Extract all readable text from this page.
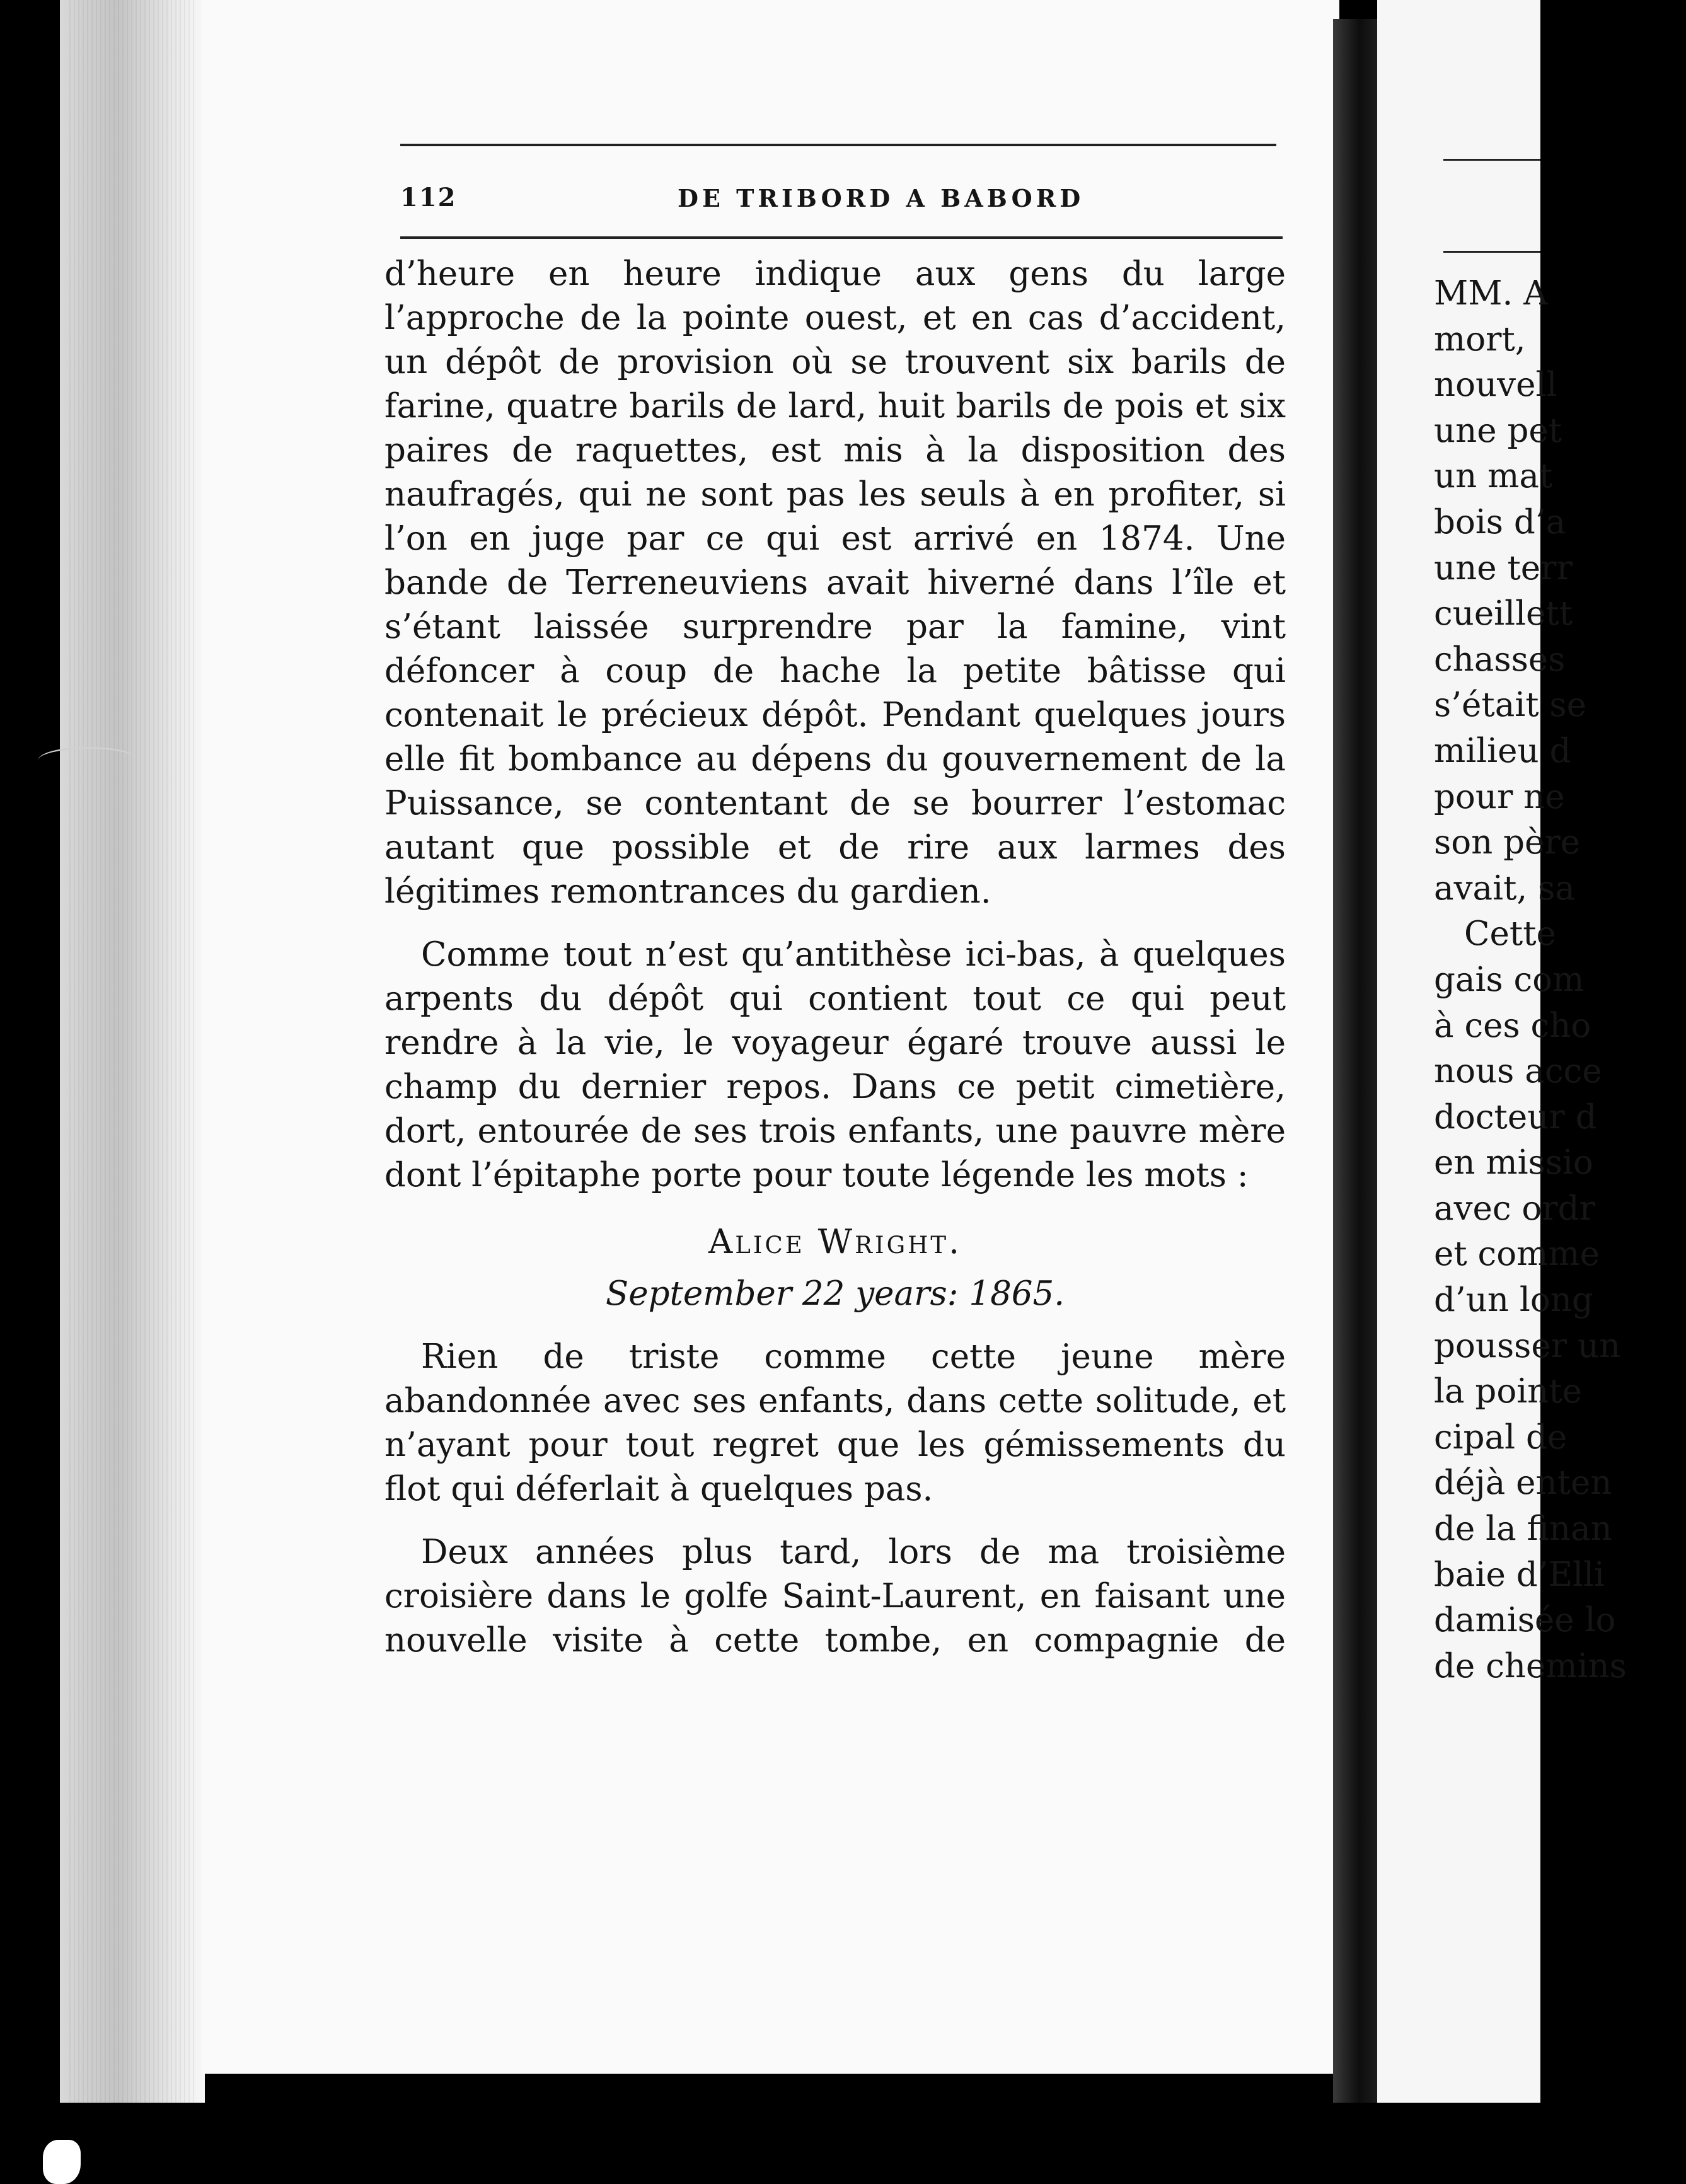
112	DE TRIBORD A BABORD

d’heure en heure indique aux gens du large l’approche de la pointe ouest, et en cas d’accident, un dépôt de provision où se trouvent six barils de farine, quatre barils de lard, huit barils de pois et six paires de raquettes, est mis à la disposition des naufragés, qui ne sont pas les seuls à en profiter, si l’on en juge par ce qui est arrivé en 1874. Une bande de Terreneuviens avait hiverné dans l’île et s’étant laissée surprendre par la famine, vint défoncer à coup de hache la petite bâtisse qui contenait le précieux dépôt. Pendant quelques jours elle fit bombance au dépens du gouvernement de la Puissance, se contentant de se bourrer l’estomac autant que possible et de rire aux larmes des légitimes remontrances du gardien.

Comme tout n’est qu’antithèse ici-bas, à quelques arpents du dépôt qui contient tout ce qui peut rendre à la vie, le voyageur égaré trouve aussi le champ du dernier repos. Dans ce petit cimetière, dort, entourée de ses trois enfants, une pauvre mère dont l’épitaphe porte pour toute légende les mots :

Alice Wright.
September 22 years: 1865.

Rien de triste comme cette jeune mère abandonnée avec ses enfants, dans cette solitude, et n’ayant pour tout regret que les gémissements du flot qui déferlait à quelques pas.

Deux années plus tard, lors de ma troisième croisière dans le golfe Saint-Laurent, en faisant une nouvelle visite à cette tombe, en compagnie de

MM. A
mort,
nouvell
une pet
un mat
bois d’a
une terr
cueillett
chasses
s’était se
milieu d
pour ne
son père
avait, sa
Cette
gais com
à ces cho
nous acce
docteur d
en missio
avec ordr
et comme
d’un long
pousser un
la pointe
cipal de
déjà enten
de la finan
baie d’Elli
damisée lo
de chemins
